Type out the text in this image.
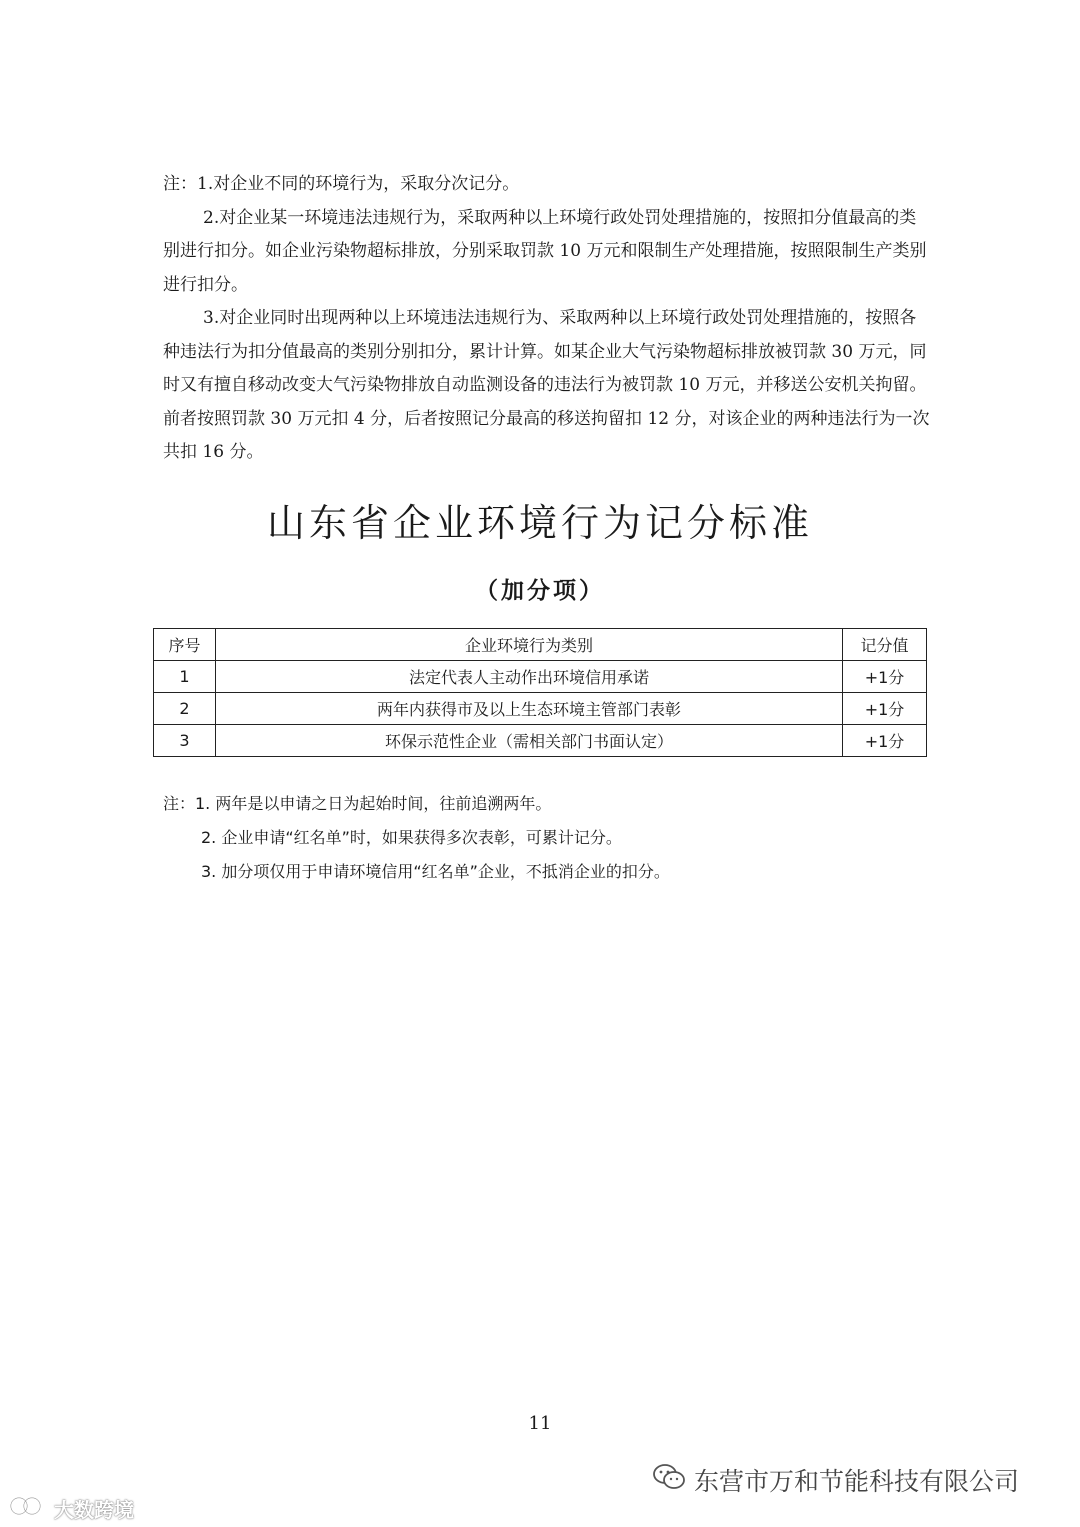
注：1.对企业不同的环境行为，采取分次记分。

2.对企业某一环境违法违规行为，采取两种以上环境行政处罚处理措施的，按照扣分值最高的类别进行扣分。如企业污染物超标排放，分别采取罚款 10 万元和限制生产处理措施，按照限制生产类别进行扣分。

3.对企业同时出现两种以上环境违法违规行为、采取两种以上环境行政处罚处理措施的，按照各种违法行为扣分值最高的类别分别扣分，累计计算。如某企业大气污染物超标排放被罚款 30 万元，同时又有擅自移动改变大气污染物排放自动监测设备的违法行为被罚款 10 万元，并移送公安机关拘留。前者按照罚款 30 万元扣 4 分，后者按照记分最高的移送拘留扣 12 分，对该企业的两种违法行为一次共扣 16 分。

山东省企业环境行为记分标准
（加分项）
序号	企业环境行为类别	记分值
1	法定代表人主动作出环境信用承诺	+1分
2	两年内获得市及以上生态环境主管部门表彰	+1分
3	环保示范性企业（需相关部门书面认定）	+1分

注：1. 两年是以申请之日为起始时间，往前追溯两年。

2. 企业申请“红名单”时，如果获得多次表彰，可累计记分。

3. 加分项仅用于申请环境信用“红名单”企业，不抵消企业的扣分。

11
东营市万和节能科技有限公司
大数跨境
